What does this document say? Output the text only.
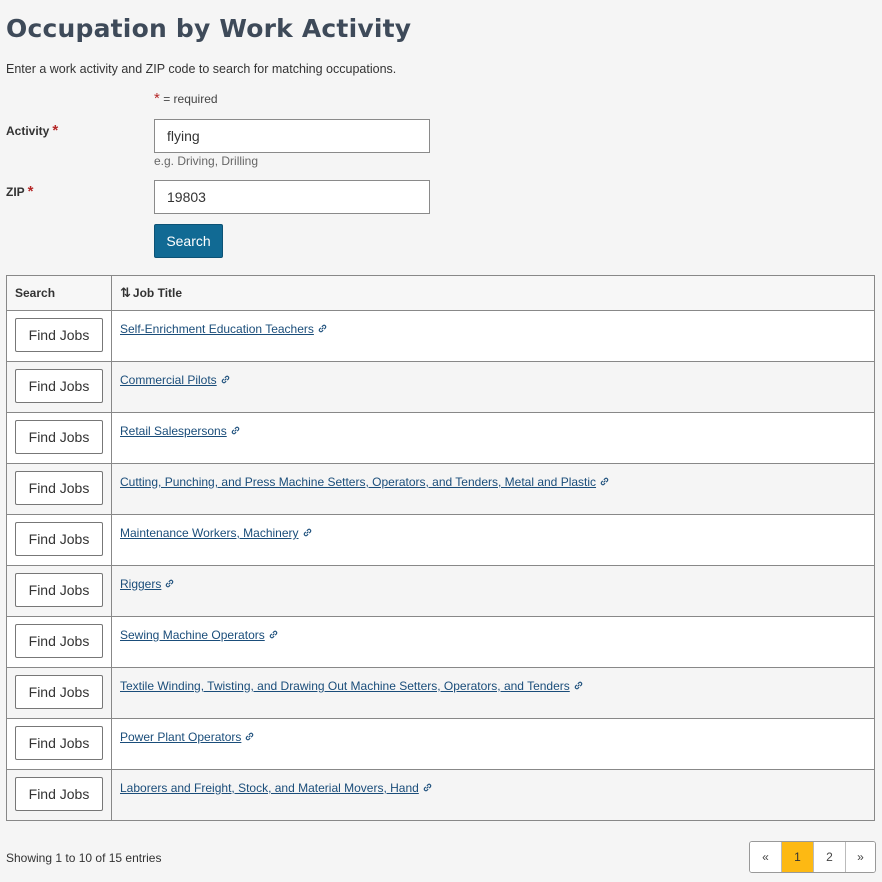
Occupation by Work Activity

Enter a work activity and ZIP code to search for matching occupations.

* = required
Activity *
flying
e.g. Driving, Drilling
ZIP *
19803
Search
Search	⇅ Job Title
Find Jobs	Self-Enrichment Education Teachers
Find Jobs	Commercial Pilots
Find Jobs	Retail Salespersons
Find Jobs	Cutting, Punching, and Press Machine Setters, Operators, and Tenders, Metal and Plastic
Find Jobs	Maintenance Workers, Machinery
Find Jobs	Riggers
Find Jobs	Sewing Machine Operators
Find Jobs	Textile Winding, Twisting, and Drawing Out Machine Setters, Operators, and Tenders
Find Jobs	Power Plant Operators
Find Jobs	Laborers and Freight, Stock, and Material Movers, Hand
Showing 1 to 10 of 15 entries	«	1	2	»
